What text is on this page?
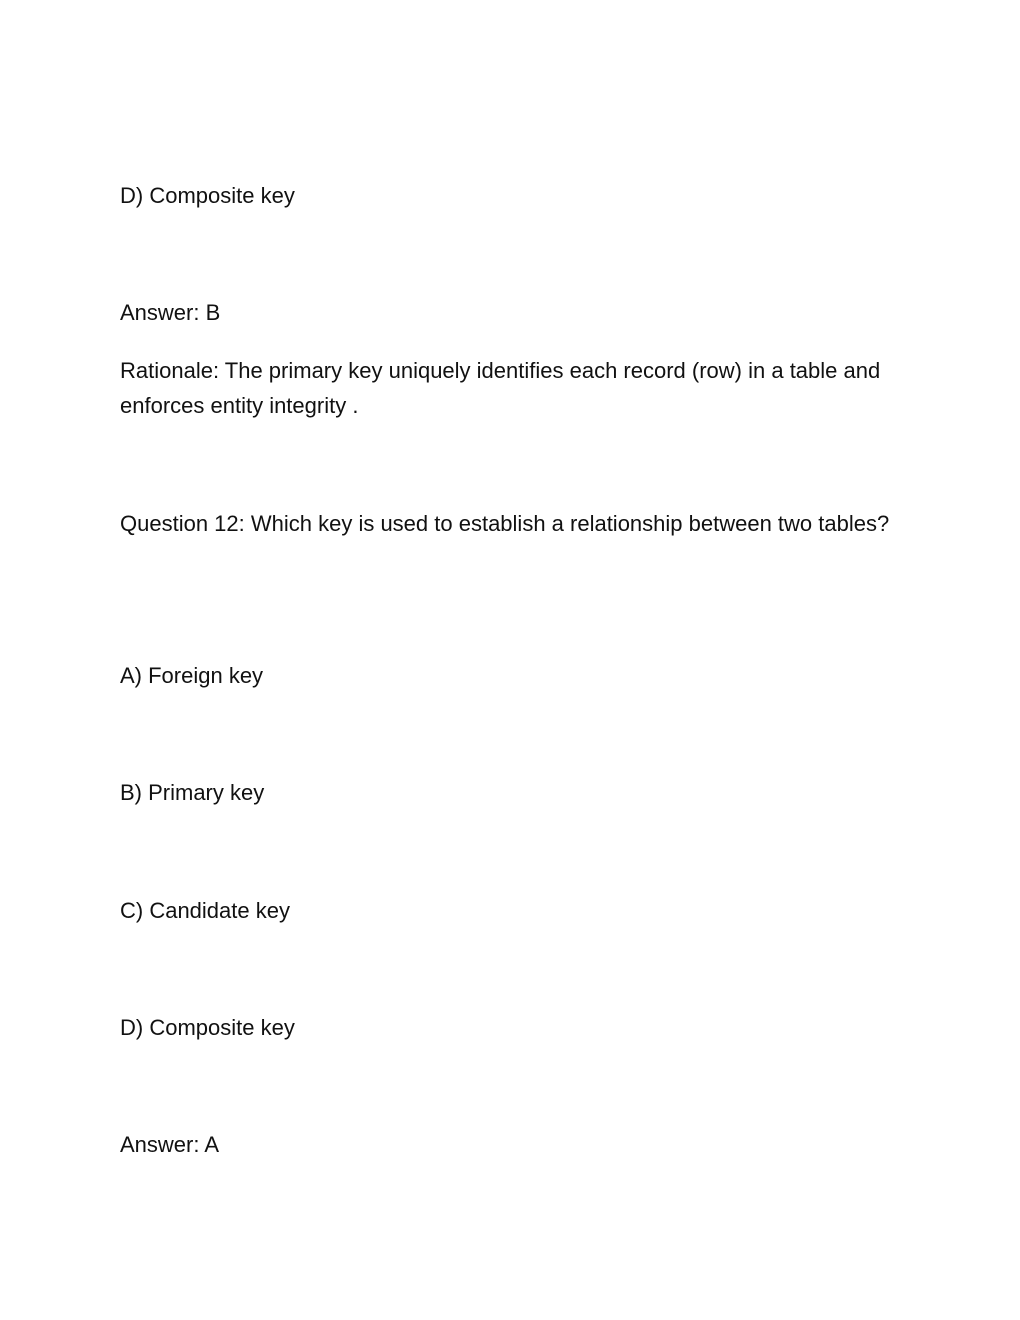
D) Composite key
Answer: B
Rationale: The primary key uniquely identifies each record (row) in a table and enforces entity integrity .
Question 12: Which key is used to establish a relationship between two tables?
A) Foreign key
B) Primary key
C) Candidate key
D) Composite key
Answer: A
